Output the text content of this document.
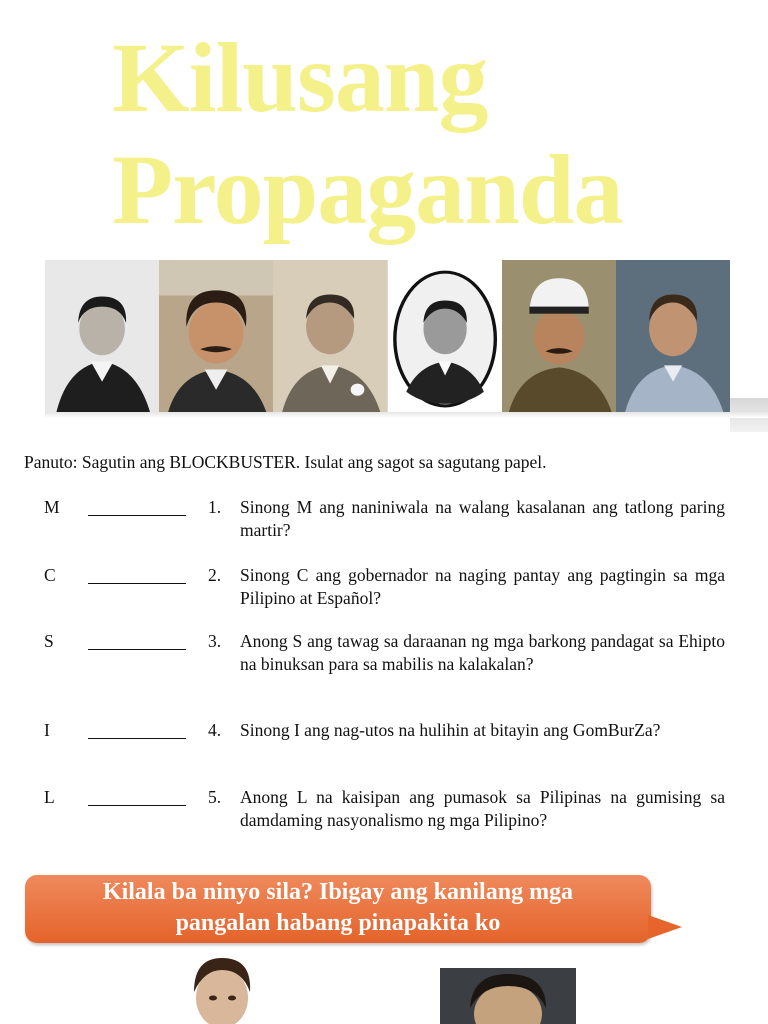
Kilusang
Propaganda

Panuto: Sagutin ang BLOCKBUSTER. Isulat ang sagot sa sagutang papel.

M	1. Sinong M ang naniniwala na walang kasalanan ang tatlong paring martir?
C	2. Sinong C ang gobernador na naging pantay ang pagtingin sa mga Pilipino at Español?
S	3. Anong S ang tawag sa daraanan ng mga barkong pandagat sa Ehipto na binuksan para sa mabilis na kalakalan?
I	4. Sinong I ang nag-utos na hulihin at bitayin ang GomBurZa?
L	5. Anong L na kaisipan ang pumasok sa Pilipinas na gumising sa damdaming nasyonalismo ng mga Pilipino?

Kilala ba ninyo sila? Ibigay ang kanilang mga
pangalan habang pinapakita ko
